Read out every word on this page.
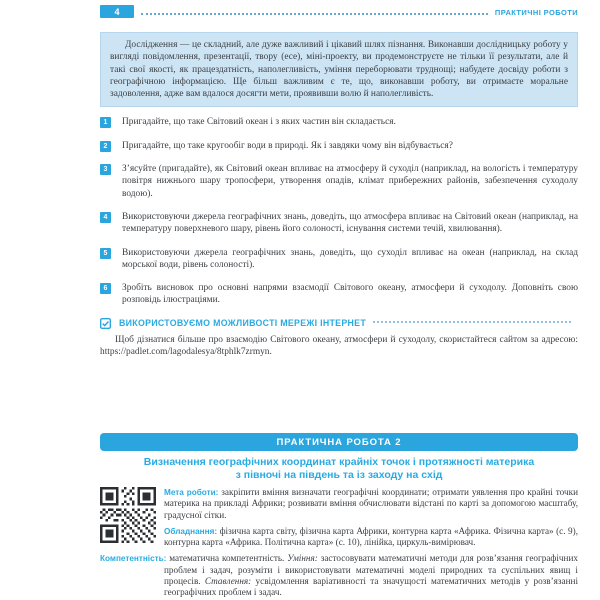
4	ПРАКТИЧНІ РОБОТИ

Дослідження — це складний, але дуже важливий і цікавий шлях пізнання. Виконавши дослідницьку роботу у вигляді повідомлення, презентації, твору (есе), міні-проекту, ви продемонструєте не тільки її результати, але й такі свої якості, як працездатність, наполегливість, уміння переборювати труднощі; набудете досвіду роботи з географічною інформацією. Ще більш важливим є те, що, виконавши роботу, ви отримаєте моральне задоволення, адже вам вдалося досягти мети, проявивши волю й наполегливість.

1	Пригадайте, що таке Світовий океан і з яких частин він складається.
2	Пригадайте, що таке кругообіг води в природі. Як і завдяки чому він відбувається?
3	З’ясуйте (пригадайте), як Світовий океан впливає на атмосферу й суходіл (наприклад, на вологість і температуру повітря нижнього шару тропосфери, утворення опадів, клімат прибережних районів, забезпечення суходолу водою).
4	Використовуючи джерела географічних знань, доведіть, що атмосфера впливає на Світовий океан (наприклад, на температуру поверхневого шару, рівень його солоності, існування системи течій, хвилювання).
5	Використовуючи джерела географічних знань, доведіть, що суходіл впливає на океан (наприклад, на склад морської води, рівень солоності).
6	Зробіть висновок про основні напрями взаємодії Світового океану, атмосфери й суходолу. Доповніть свою розповідь ілюстраціями.
ВИКОРИСТОВУЄМО МОЖЛИВОСТІ МЕРЕЖІ ІНТЕРНЕТ
Щоб дізнатися більше про взаємодію Світового океану, атмосфери й суходолу, скористайтеся сайтом за адресою: https://padlet.com/lagodalesya/8tphlk7zrmyn.
ПРАКТИЧНА РОБОТА 2
Визначення географічних координат крайніх точок і протяжності материка
з півночі на південь та із заходу на схід
Мета роботи: закріпити вміння визначати географічні координати; отримати уявлення про крайні точки материка на прикладі Африки; розвивати вміння обчислювати відстані по карті за допомогою масштабу, градусної сітки.
Обладнання: фізична карта світу, фізична карта Африки, контурна карта «Африка. Фізична карта» (с. 9), контурна карта «Африка. Політична карта» (с. 10), лінійка, циркуль-вимірювач.
Компетентність: математична компетентність. Уміння: застосовувати математичні методи для розв’язання географічних проблем і задач, розуміти і використовувати математичні моделі природних та суспільних явищ і процесів. Ставлення: усвідомлення варіативності та значущості математичних методів у розв’язанні географічних проблем і задач.
